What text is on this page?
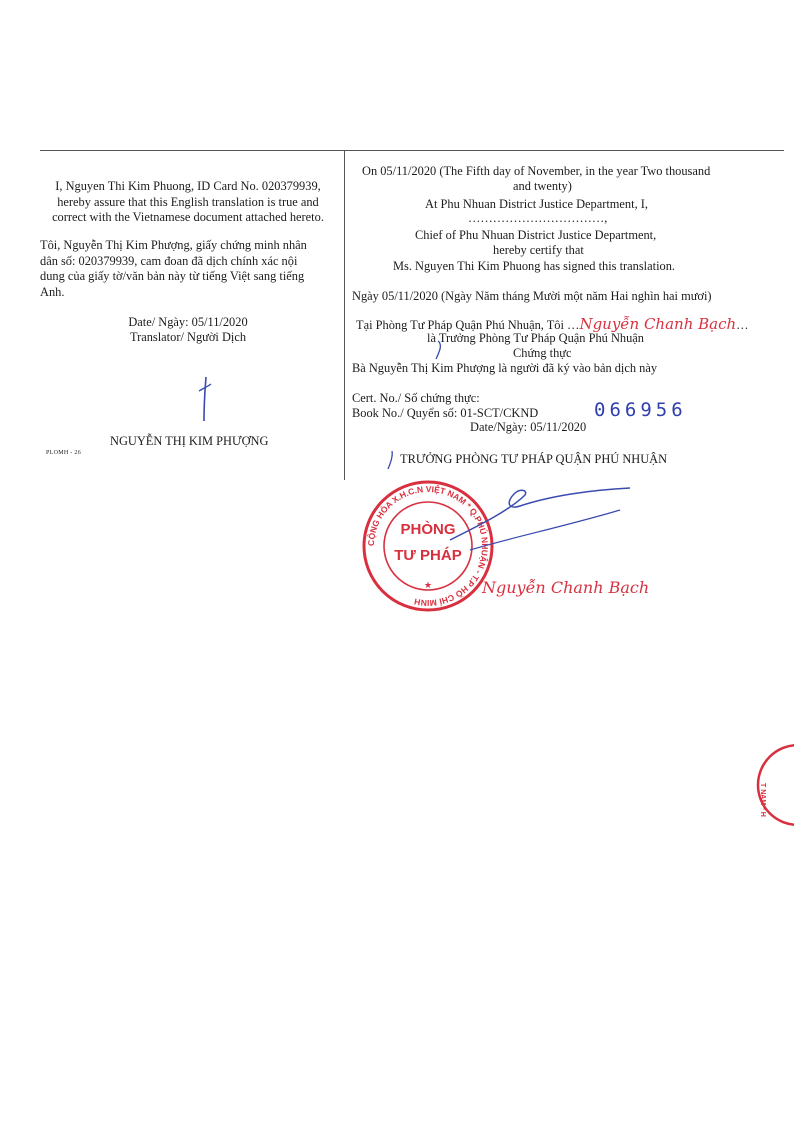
I, Nguyen Thi Kim Phuong, ID Card No. 020379939,
hereby assure that this English translation is true and
correct with the Vietnamese document attached hereto.
Tôi, Nguyễn Thị Kim Phượng, giấy chứng minh nhân
dân số: 020379939, cam đoan đã dịch chính xác nội
dung của giấy tờ/văn bản này từ tiếng Việt sang tiếng
Anh.
Date/ Ngày: 05/11/2020
Translator/ Người Dịch
NGUYỄN THỊ KIM PHƯỢNG
PLOMH - 26
On 05/11/2020 (The Fifth day of November, in the year Two thousand
and twenty)
At Phu Nhuan District Justice Department, I,
……………………………,
Chief of Phu Nhuan District Justice Department,
hereby certify that
Ms. Nguyen Thi Kim Phuong has signed this translation.
Ngày 05/11/2020 (Ngày Năm tháng Mười một năm Hai nghìn hai mươi)
Tại Phòng Tư Pháp Quận Phú Nhuận, Tôi …Nguyễn Chanh Bạch…
là Trưởng Phòng Tư Pháp Quận Phú Nhuận
Chứng thực
Bà Nguyễn Thị Kim Phượng là người đã ký vào bản dịch này
Cert. No./ Số chứng thực:
Book No./ Quyển số: 01-SCT/CKND	066956
Date/Ngày: 05/11/2020
TRƯỞNG PHÒNG TƯ PHÁP QUẬN PHÚ NHUẬN
CỘNG HÒA X.H.C.N VIỆT NAM * Q.PHÚ NHUẬN - T.P HỒ CHÍ MINH
PHÒNG
TƯ PHÁP
★	Nguyễn Chanh Bạch
T NAM * H
